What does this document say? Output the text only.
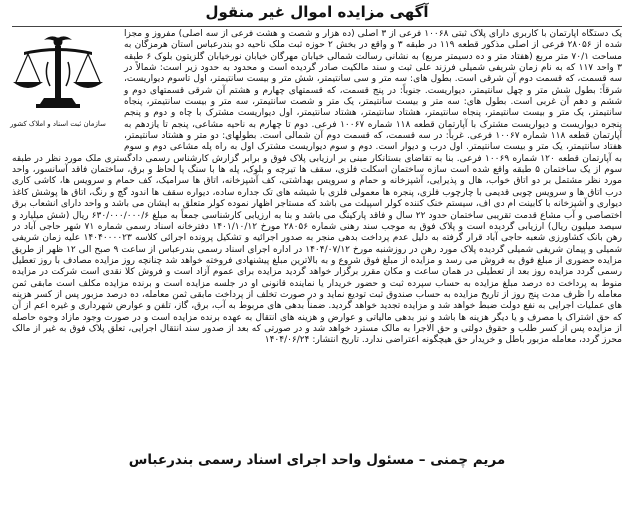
آگهی مزایده اموال غیر منقول
سازمان ثبت اسناد و املاک کشور
یک دستگاه آپارتمان با کاربری دارای پلاک ثبتی ۱۰۰۶۸ فرعی از ۳ اصلی (ده هزار و شصت و هشت فرعی از سه اصلی) مفروز و مجزا شده از ۲۸۰۵۶ فرعی از اصلی مذکور قطعه ۱۱۹ در طبقه ۳ و واقع در بخش ۲ حوزه ثبت ملک ناحیه دو بندرعباس استان هرمزگان به مساحت ۷۰/۱ متر مربع (هفتاد متر و ده دسیمتر مربع) به نشانی رسالت شمالی خیابان مهرگان خیابان نورخیابان گلزیتون بلوک ۶ طبقه ۳ واحد ۱۱۷ که به نام زمان شریفی شمیلی فرزند علی ثبت و سند مالکیت صادر گردیده است و محدود به حدود زیر است: شمالاً در سه قسمت، که قسمت دوم آن شرقی است. بطول های: سه متر و سی سانتیمتر، شش متر و بیست سانتیمتر، اول تاسوم دیواریست، شرقاً: بطول شش متر و چهل سانتیمتر، دیواریست. جنوباً: در پنج قسمت، که قسمتهای چهارم و هشتم آن شرقی قسمتهای دوم و ششم و دهم آن غربی است. بطول های: سه متر و بیست سانتیمتر، یک متر و شصت سانتیمتر، سه متر و بیست سانتیمتر، پنجاه سانتیمتر، یک متر و بیست سانتیمتر، پنجاه سانتیمتر، هشتاد سانتیمتر، هشتاد سانتیمتر، اول دیواریست مشترک با چاه و دوم و پنجم پنجره دیواریست و دیواریست مشترک با آپارتمان قطعه ۱۱۸ شماره ۱۰۰۶۷ فرعی. دوم تا چهارم به ناحیه مشاعی، پنجم تا یازدهم به آپارتمان قطعه ۱۱۸ شماره ۱۰۰۶۷ فرعی. غرباً: در سه قسمت، که قسمت دوم آن شمالی است. بطولهای: دو متر و هشتاد سانتیمتر، هفتاد سانتیمتر، یک متر و بیست سانتیمتر. اول درب و دیوار است. دوم و سوم دیواریست مشترک اول به راه پله مشاعی دوم و سوم به آپارتمان قطعه ۱۲۰ شماره ۱۰۰۶۹ فرعی. بنا به تقاضای بستانکار مبنی بر ارزیابی پلاک فوق و برابر گزارش کارشناس رسمی دادگستری ملک مورد نظر در طبقه سوم از یک ساختمان ۵ طبقه واقع شده است سازه ساختمان اسکلت فلزی، سقف ها تیرچه و بلوک، پله ها با سنگ پا لحاظ و برق، ساختمان فاقد آسانسور، واحد مورد نظر مشتمل بر دو اتاق خواب، هال و پذیرایی، آشپزخانه و حمام و سرویس بهداشتی، کف آشپزخانه، اتاق ها سرامیک، کف حمام و سرویس ها، کاشی کاری درب اتاق ها و سرویس چوبی قدیمی با چارچوب فلزی، پنجره ها معمولی فلزی با شیشه های تک جداره ساده، دیواره سقف ها اندود گچ و رنگ، اتاق ها پوشش کاغذ دیواری و آشپزخانه با کابینت ام دی اف، سیستم خنک کننده کولر اسپیلت می باشد که مستاجر اظهار نموده کولر متعلق به ایشان می باشد و واحد دارای انشعاب برق اختصاصی و آب مشاع قدمت تقریبی ساختمان حدود ۲۲ سال و فاقد پارکینگ می باشد و بنا به ارزیابی کارشناسی جمعاً به مبلغ ۶۳۰/۰۰۰/۰۰۰/۶ ریال (شش میلیارد و سیصد میلیون ریال) ارزیابی گردیده است و پلاک فوق به موجب سند رهنی شماره ۲۸۰۵۶ مورخ ۱۴۰۱/۱۰/۱۲ دفترخانه اسناد رسمی شماره ۷۱ شهر حاجی آباد در رهن بانک کشاورزی شعبه حاجی آباد قرار گرفته به دلیل عدم پرداخت بدهی منجر به صدور اجرائیه و تشکیل پرونده اجرائی کلاسه ۱۴۰۴۰۰۰۰۲۳ علیه زمان شریفی شمیلی و پیمان شریفی شمیلی گردیده پلاک مورد رهن در روزشنبه مورخ ۱۴۰۴/۰۷/۱۲ در اداره اجرای اسناد رسمی بندرعباس از ساعت ۹ صبح الی ۱۲ ظهر از طریق مزایده حضوری از مبلغ فوق به فروش می رسد و مزایده از مبلغ فوق شروع و به بالاترین مبلغ پیشنهادی فروخته خواهد شد چنانچه روز مزایده مصادف با روز تعطیل رسمی گردد مزایده روز بعد از تعطیلی در همان ساعت و مکان مقرر برگزار خواهد گردید مزایده برای عموم آزاد است و فروش کلا نقدی است شرکت در مزایده منوط به پرداخت ده درصد مبلغ مزایده به حساب سپرده ثبت و حضور خریدار یا نماینده قانونی او در جلسه مزایده است و برنده مزایده مکلف است مابقی ثمن معامله را ظرف مدت پنج روز از تاریخ مزایده به حساب صندوق ثبت تودیع نماید و در صورت تخلف از پرداخت مابقی ثمن معامله، ده درصد مزبور پس از کسر هزینه های عملیات اجرایی به نفع دولت ضبط خواهد شد و مزایده تجدید خواهد گردید. ضمناً بدهی های مربوط به آب، برق، گاز، تلفن و عوارض شهرداری و غیره اعم از آن که حق اشتراک یا مصرف و یا دیگر هزینه ها باشد و نیز بدهی مالیاتی و عوارض و هزینه های انتقال به عهده برنده مزایده است و در صورت وجود مازاد وجوه حاصله از مزایده پس از کسر طلب و حقوق دولتی و حق الاجرا به مالک مسترد خواهد شد و در صورتی که بعد از صدور سند انتقال اجرایی، تعلق پلاک فوق به غیر از مالک محرز گردد، معامله مزبور باطل و خریدار حق هیچگونه اعتراضی ندارد. تاریخ انتشار: ۱۴۰۴/۰۶/۲۴
مریم چمنی – مسئول واحد اجرای اسناد رسمی بندرعباس
